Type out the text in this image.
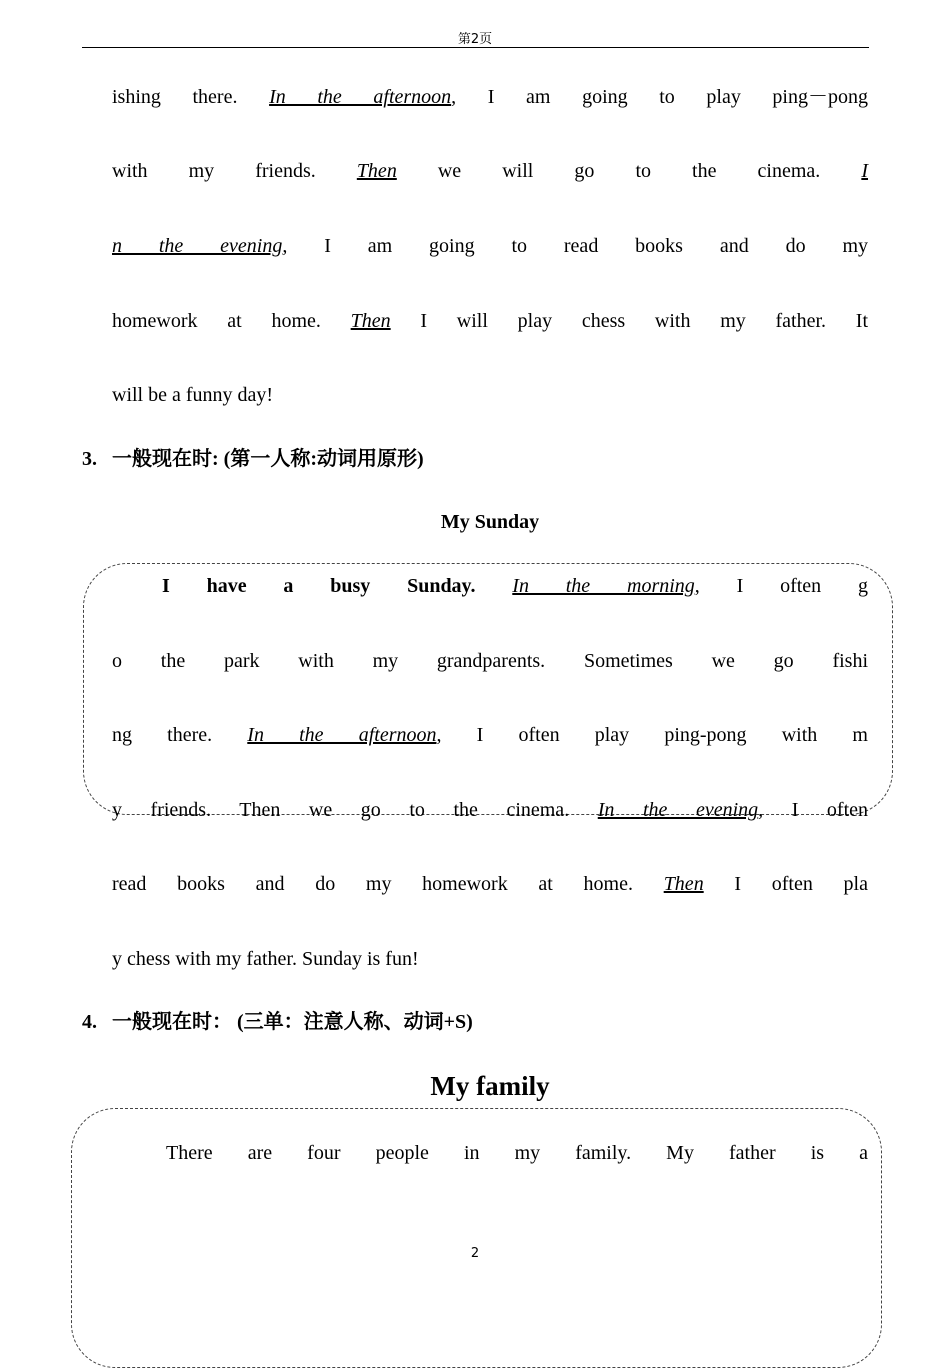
第2页
ishing there. In the afternoon, I am going to play ping－pong
with my friends. Then we will go to the cinema. I
n the evening, I am going to read books and do my
homework at home. Then I will play chess with my father. It
will be a funny day!
3. 一般现在时: (第一人称:动词用原形)
My Sunday
I have a busy Sunday. In the morning, I often g
o the park with my grandparents. Sometimes we go fishi
ng there. In the afternoon, I often play ping-pong with m
y friends. Then we go to the cinema. In the evening, I often
read books and do my homework at home. Then I often pla
y chess with my father. Sunday is fun!
4. 一般现在时： (三单：注意人称、动词+S)
My family
There are four people in my family. My father is a
2
